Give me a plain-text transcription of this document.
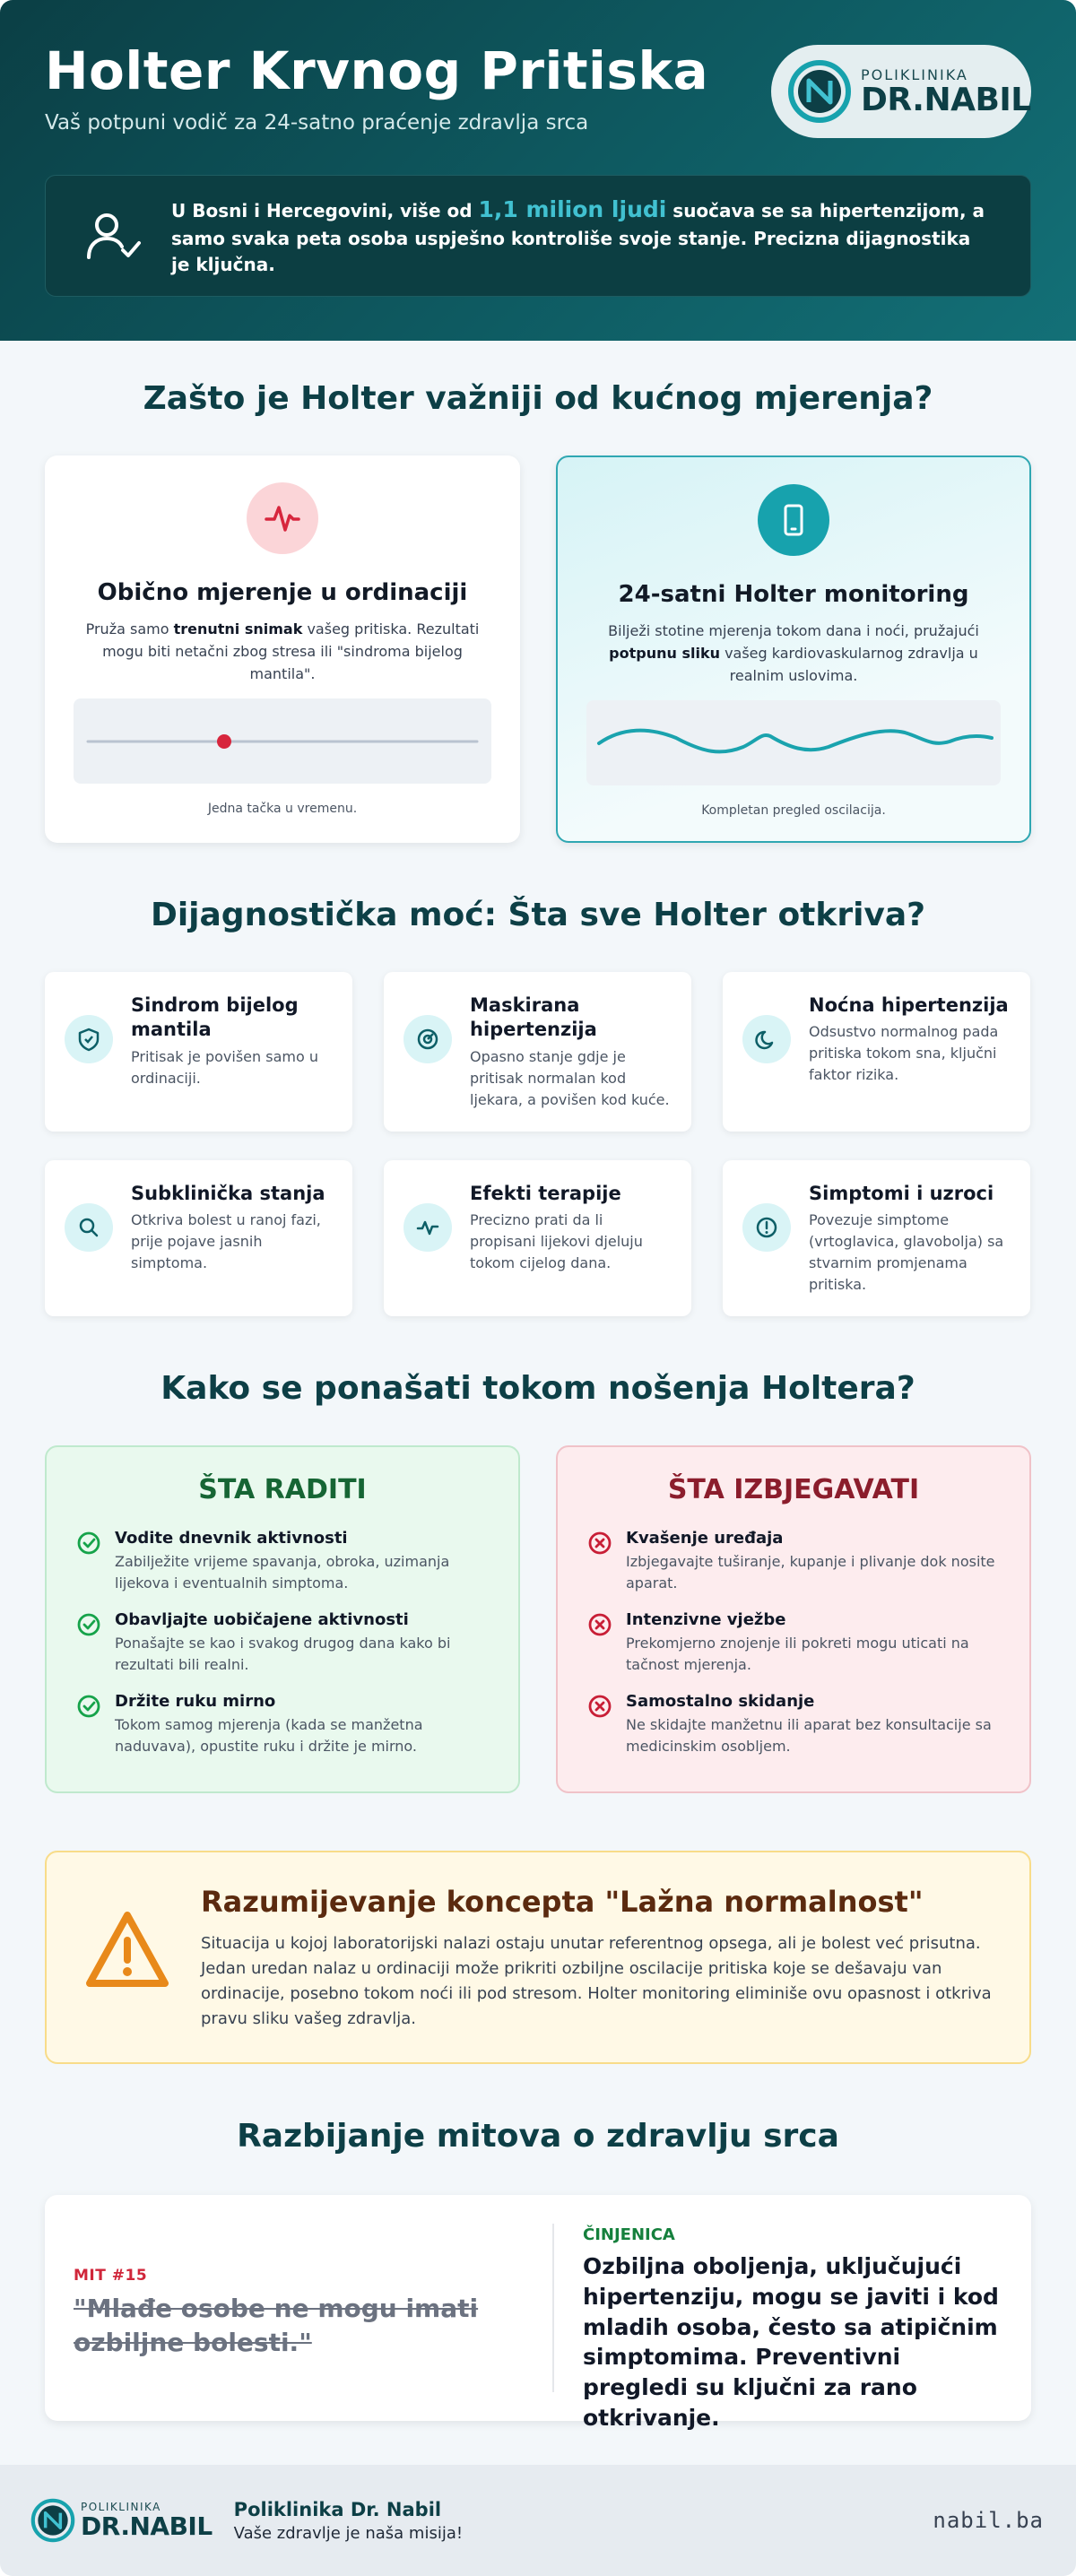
Holter Krvnog Pritiska
Vaš potpuni vodič za 24-satno praćenje zdravlja srca
POLIKLINIKA
DR.NABIL
U Bosni i Hercegovini, više od 1,1 milion ljudi suočava se sa hipertenzijom, a samo svaka peta osoba uspješno kontroliše svoje stanje. Precizna dijagnostika je ključna.
Zašto je Holter važniji od kućnog mjerenja?
Obično mjerenje u ordinaciji

Pruža samo trenutni snimak vašeg pritiska. Rezultati mogu biti netačni zbog stresa ili "sindroma bijelog mantila".

Jedna tačka u vremenu.
24-satni Holter monitoring

Bilježi stotine mjerenja tokom dana i noći, pružajući potpunu sliku vašeg kardiovaskularnog zdravlja u realnim uslovima.

Kompletan pregled oscilacija.
Dijagnostička moć: Šta sve Holter otkriva?
Sindrom bijelog mantila

Pritisak je povišen samo u ordinaciji.

Maskirana hipertenzija

Opasno stanje gdje je pritisak normalan kod ljekara, a povišen kod kuće.

Noćna hipertenzija

Odsustvo normalnog pada pritiska tokom sna, ključni faktor rizika.

Subklinička stanja

Otkriva bolest u ranoj fazi, prije pojave jasnih simptoma.

Efekti terapije

Precizno prati da li propisani lijekovi djeluju tokom cijelog dana.

Simptomi i uzroci

Povezuje simptome (vrtoglavica, glavobolja) sa stvarnim promjenama pritiska.

Kako se ponašati tokom nošenja Holtera?
ŠTA RADITI
Vodite dnevnik aktivnosti
Zabilježite vrijeme spavanja, obroka, uzimanja lijekova i eventualnih simptoma.
Obavljajte uobičajene aktivnosti
Ponašajte se kao i svakog drugog dana kako bi rezultati bili realni.
Držite ruku mirno
Tokom samog mjerenja (kada se manžetna naduvava), opustite ruku i držite je mirno.
ŠTA IZBJEGAVATI
Kvašenje uređaja
Izbjegavajte tuširanje, kupanje i plivanje dok nosite aparat.
Intenzivne vježbe
Prekomjerno znojenje ili pokreti mogu uticati na tačnost mjerenja.
Samostalno skidanje
Ne skidajte manžetnu ili aparat bez konsultacije sa medicinskim osobljem.
Razumijevanje koncepta "Lažna normalnost"

Situacija u kojoj laboratorijski nalazi ostaju unutar referentnog opsega, ali je bolest već prisutna. Jedan uredan nalaz u ordinaciji može prikriti ozbiljne oscilacije pritiska koje se dešavaju van ordinacije, posebno tokom noći ili pod stresom. Holter monitoring eliminiše ovu opasnost i otkriva pravu sliku vašeg zdravlja.

Razbijanje mitova o zdravlju srca
MIT #15
"Mlađe osobe ne mogu imati ozbiljne bolesti."
ČINJENICA
Ozbiljna oboljenja, uključujući hipertenziju, mogu se javiti i kod mladih osoba, često sa atipičnim simptomima. Preventivni pregledi su ključni za rano otkrivanje.
POLIKLINIKA
DR.NABIL
Poliklinika Dr. Nabil
Vaše zdravlje je naša misija!	nabil.ba
